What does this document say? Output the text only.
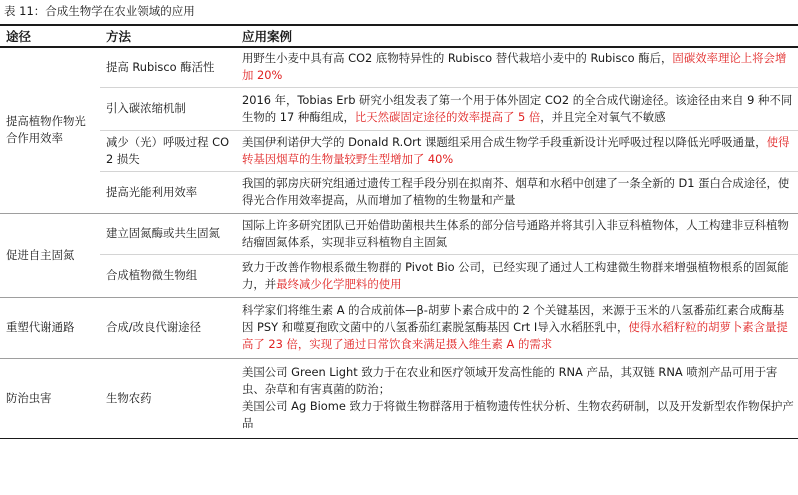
表 11：合成生物学在农业领域的应用
途径	方法	应用案例
提高植物作物光合作用效率	提高 Rubisco 酶活性	用野生小麦中具有高 CO2 底物特异性的 Rubisco 替代栽培小麦中的 Rubisco 酶后，固碳效率理论上将会增加 20%
	引入碳浓缩机制	2016 年，Tobias Erb 研究小组发表了第一个用于体外固定 CO2 的全合成代谢途径。该途径由来自 9 种不同生物的 17 种酶组成，比天然碳固定途径的效率提高了 5 倍，并且完全对氧气不敏感
	减少（光）呼吸过程 CO2 损失	美国伊利诺伊大学的 Donald R.Ort 课题组采用合成生物学手段重新设计光呼吸过程以降低光呼吸通量，使得转基因烟草的生物量较野生型增加了 40%
	提高光能利用效率	我国的郭房庆研究组通过遗传工程手段分别在拟南芥、烟草和水稻中创建了一条全新的 D1 蛋白合成途径，使得光合作用效率提高，从而增加了植物的生物量和产量
促进自主固氮	建立固氮酶或共生固氮	国际上许多研究团队已开始借助菌根共生体系的部分信号通路并将其引入非豆科植物体，人工构建非豆科植物结瘤固氮体系，实现非豆科植物自主固氮
	合成植物微生物组	致力于改善作物根系微生物群的 Pivot Bio 公司，已经实现了通过人工构建微生物群来增强植物根系的固氮能力，并最终减少化学肥料的使用
重塑代谢通路	合成/改良代谢途径	科学家们将维生素 A 的合成前体—β-胡萝卜素合成中的 2 个关键基因，来源于玉米的八氢番茄红素合成酶基因 PSY 和噬夏孢欧文菌中的八氢番茄红素脱氢酶基因 Crt Ⅰ导入水稻胚乳中，使得水稻籽粒的胡萝卜素含量提高了 23 倍，实现了通过日常饮食来满足摄入维生素 A 的需求
防治虫害	生物农药	美国公司 Green Light 致力于在农业和医疗领域开发高性能的 RNA 产品，其双链 RNA 喷剂产品可用于害虫、杂草和有害真菌的防治；
美国公司 Ag Biome 致力于将微生物群落用于植物遗传性状分析、生物农药研制，以及开发新型农作物保护产品
